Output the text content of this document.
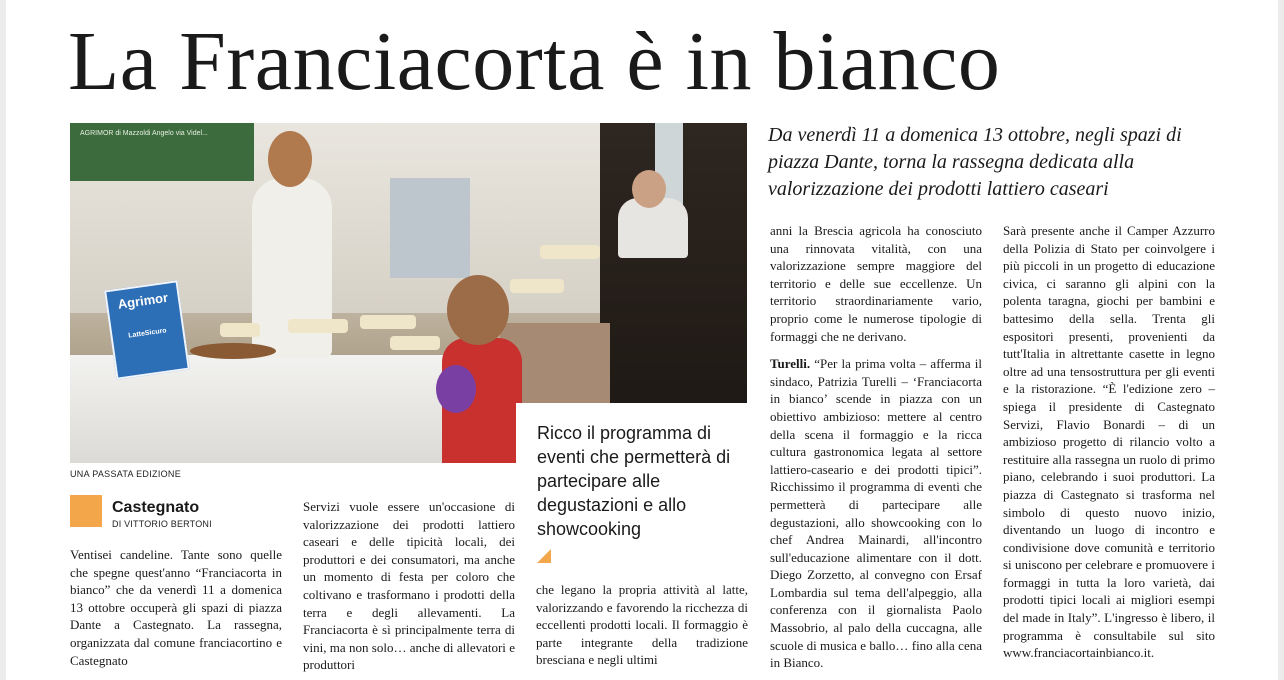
La Franciacorta è in bianco
AGRIMOR di Mazzoldi Angelo via Videl...
Agrimor
LatteSicuro
Ricco il programma di eventi che permetterà di partecipare alle degustazioni e allo showcooking
UNA PASSATA EDIZIONE
Castegnato
DI VITTORIO BERTONI
Da venerdì 11 a domenica 13 ottobre, negli spazi di piazza Dante, torna la rassegna dedicata alla valorizzazione dei prodotti lattiero caseari

Ventisei candeline. Tante sono quelle che spegne quest'anno “Franciacorta in bianco” che da venerdì 11 a domenica 13 ottobre occuperà gli spazi di piazza Dante a Castegnato. La rassegna, organizzata dal comune franciacortino e Castegnato

Servizi vuole essere un'occasione di valorizzazione dei prodotti lattiero caseari e delle tipicità locali, dei produttori e dei consumatori, ma anche un momento di festa per coloro che coltivano e trasformano i prodotti della terra e degli allevamenti. La Franciacorta è sì principalmente terra di vini, ma non solo… anche di allevatori e produttori

che legano la propria attività al latte, valorizzando e favorendo la ricchezza di eccellenti prodotti locali. Il formaggio è parte integrante della tradizione bresciana e negli ultimi

anni la Brescia agricola ha conosciuto una rinnovata vitalità, con una valorizzazione sempre maggiore del territorio e delle sue eccellenze. Un territorio straordinariamente vario, proprio come le numerose tipologie di formaggi che ne derivano.

Turelli. “Per la prima volta – afferma il sindaco, Patrizia Turelli – ‘Franciacorta in bianco’ scende in piazza con un obiettivo ambizioso: mettere al centro della scena il formaggio e la ricca cultura gastronomica legata al settore lattiero-caseario e dei prodotti tipici”. Ricchissimo il programma di eventi che permetterà di partecipare alle degustazioni, allo showcooking con lo chef Andrea Mainardi, all'incontro sull'educazione alimentare con il dott. Diego Zorzetto, al convegno con Ersaf Lombardia sul tema dell'alpeggio, alla conferenza con il giornalista Paolo Massobrio, al palo della cuccagna, alle scuole di musica e ballo… fino alla cena in Bianco.

Sarà presente anche il Camper Azzurro della Polizia di Stato per coinvolgere i più piccoli in un progetto di educazione civica, ci saranno gli alpini con la polenta taragna, giochi per bambini e battesimo della sella. Trenta gli espositori presenti, provenienti da tutt'Italia in altrettante casette in legno oltre ad una tensostruttura per gli eventi e la ristorazione. “È l'edizione zero – spiega il presidente di Castegnato Servizi, Flavio Bonardi – di un ambizioso progetto di rilancio volto a restituire alla rassegna un ruolo di primo piano, celebrando i suoi produttori. La piazza di Castegnato si trasforma nel simbolo di questo nuovo inizio, diventando un luogo di incontro e condivisione dove comunità e territorio si uniscono per celebrare e promuovere i formaggi in tutta la loro varietà, dai prodotti tipici locali ai migliori esempi del made in Italy”. L'ingresso è libero, il programma è consultabile sul sito www.franciacortainbianco.it.
